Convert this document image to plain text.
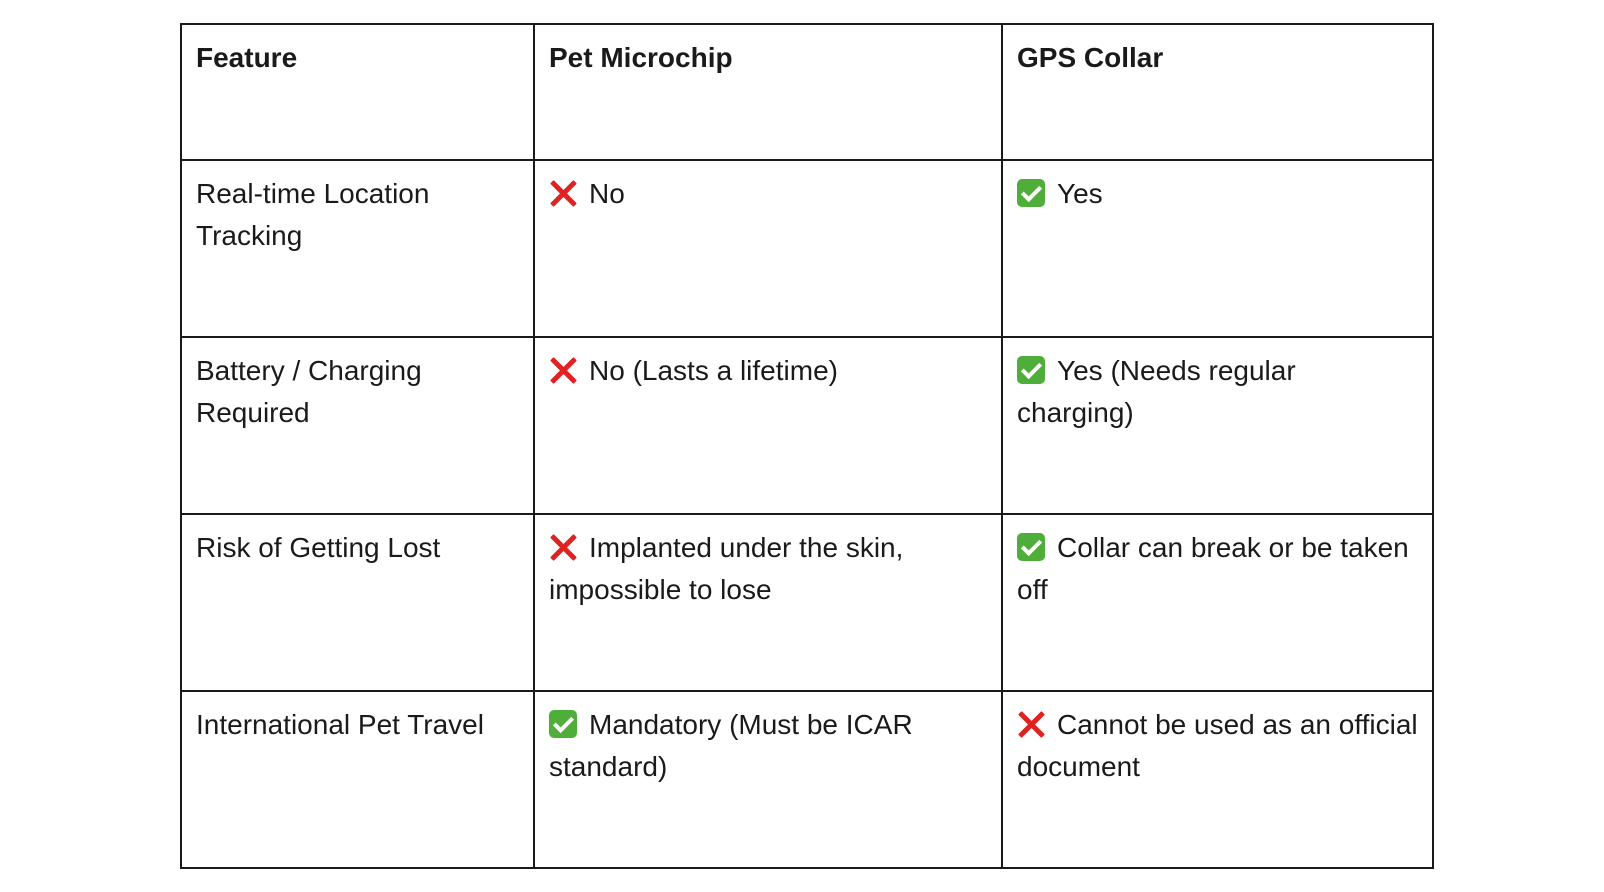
Feature	Pet Microchip	GPS Collar
Real-time Location Tracking	No	Yes
Battery / Charging Required	No (Lasts a lifetime)	Yes (Needs regular charging)
Risk of Getting Lost	Implanted under the skin, impossible to lose	Collar can break or be taken off
International Pet Travel	Mandatory (Must be ICAR standard)	Cannot be used as an official document
